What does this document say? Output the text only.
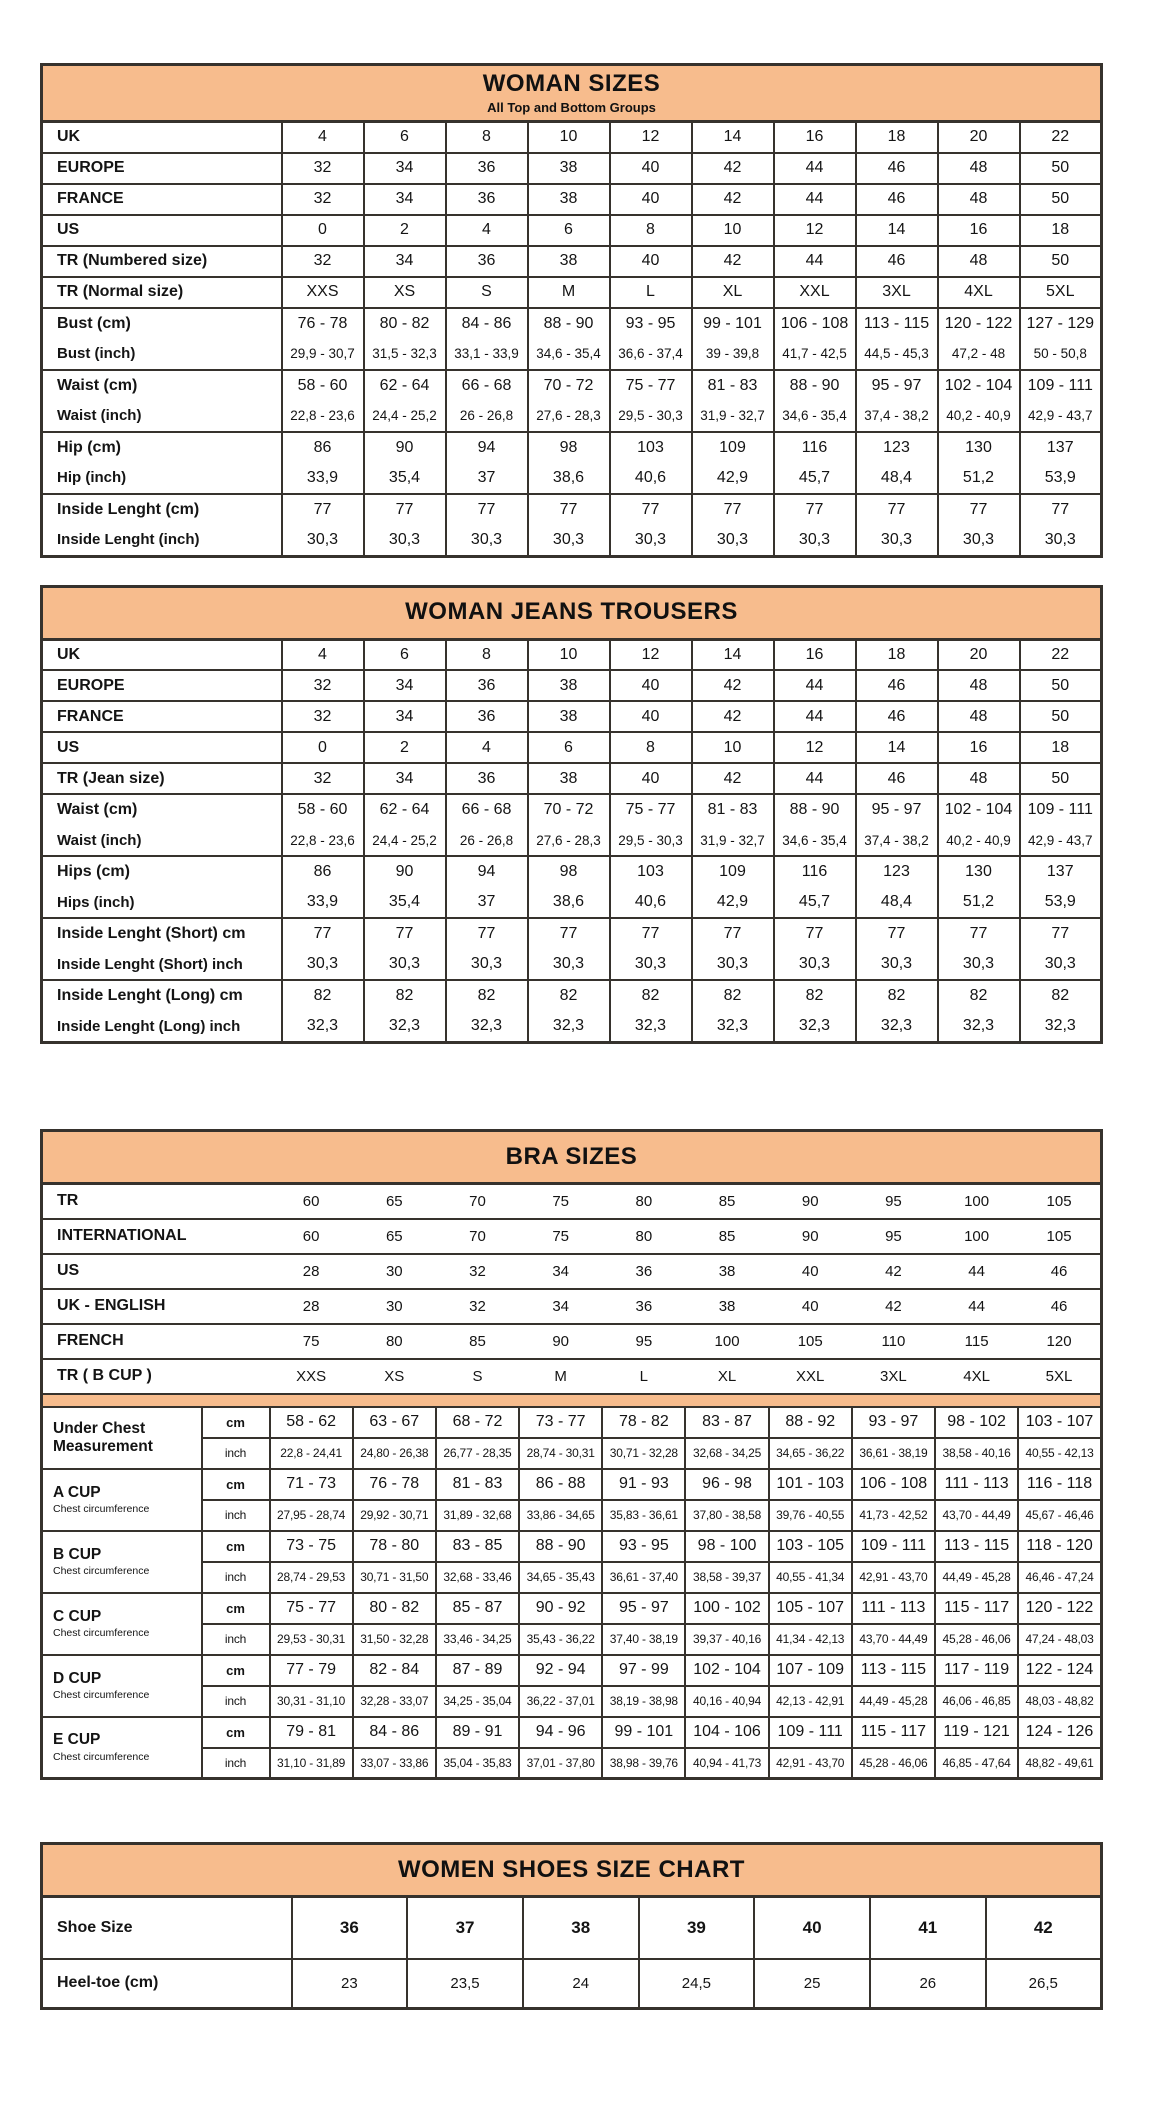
WOMAN SIZES
All Top and Bottom Groups										

UK	4	6	8	10	12	14	16	18	20	22
EUROPE	32	34	36	38	40	42	44	46	48	50
FRANCE	32	34	36	38	40	42	44	46	48	50
US	0	2	4	6	8	10	12	14	16	18
TR (Numbered size)	32	34	36	38	40	42	44	46	48	50
TR (Normal size)	XXS	XS	S	M	L	XL	XXL	3XL	4XL	5XL
Bust (cm)	76 - 78	80 - 82	84 - 86	88 - 90	93 - 95	99 - 101	106 - 108	113 - 115	120 - 122	127 - 129
Bust (inch)	29,9 - 30,7	31,5 - 32,3	33,1 - 33,9	34,6 - 35,4	36,6 - 37,4	39 - 39,8	41,7 - 42,5	44,5 - 45,3	47,2 - 48	50 - 50,8
Waist (cm)	58 - 60	62 - 64	66 - 68	70 - 72	75 - 77	81 - 83	88 - 90	95 - 97	102 - 104	109 - 111
Waist (inch)	22,8 - 23,6	24,4 - 25,2	26 - 26,8	27,6 - 28,3	29,5 - 30,3	31,9 - 32,7	34,6 - 35,4	37,4 - 38,2	40,2 - 40,9	42,9 - 43,7
Hip (cm)	86	90	94	98	103	109	116	123	130	137
Hip (inch)	33,9	35,4	37	38,6	40,6	42,9	45,7	48,4	51,2	53,9
Inside Lenght (cm)	77	77	77	77	77	77	77	77	77	77
Inside Lenght (inch)	30,3	30,3	30,3	30,3	30,3	30,3	30,3	30,3	30,3	30,3
WOMAN JEANS TROUSERS										

UK	4	6	8	10	12	14	16	18	20	22
EUROPE	32	34	36	38	40	42	44	46	48	50
FRANCE	32	34	36	38	40	42	44	46	48	50
US	0	2	4	6	8	10	12	14	16	18
TR (Jean size)	32	34	36	38	40	42	44	46	48	50
Waist (cm)	58 - 60	62 - 64	66 - 68	70 - 72	75 - 77	81 - 83	88 - 90	95 - 97	102 - 104	109 - 111
Waist (inch)	22,8 - 23,6	24,4 - 25,2	26 - 26,8	27,6 - 28,3	29,5 - 30,3	31,9 - 32,7	34,6 - 35,4	37,4 - 38,2	40,2 - 40,9	42,9 - 43,7
Hips (cm)	86	90	94	98	103	109	116	123	130	137
Hips (inch)	33,9	35,4	37	38,6	40,6	42,9	45,7	48,4	51,2	53,9
Inside Lenght (Short) cm	77	77	77	77	77	77	77	77	77	77
Inside Lenght (Short) inch	30,3	30,3	30,3	30,3	30,3	30,3	30,3	30,3	30,3	30,3
Inside Lenght (Long) cm	82	82	82	82	82	82	82	82	82	82
Inside Lenght (Long) inch	32,3	32,3	32,3	32,3	32,3	32,3	32,3	32,3	32,3	32,3
BRA SIZES											

TR		60	65	70	75	80	85	90	95	100	105
INTERNATIONAL		60	65	70	75	80	85	90	95	100	105
US		28	30	32	34	36	38	40	42	44	46
UK - ENGLISH		28	30	32	34	36	38	40	42	44	46
FRENCH		75	80	85	90	95	100	105	110	115	120
TR ( B CUP )		XXS	XS	S	M	L	XL	XXL	3XL	4XL	5XL

Under Chest Measurement	cm	58 - 62	63 - 67	68 - 72	73 - 77	78 - 82	83 - 87	88 - 92	93 - 97	98 - 102	103 - 107
	inch	22,8 - 24,41	24,80 - 26,38	26,77 - 28,35	28,74 - 30,31	30,71 - 32,28	32,68 - 34,25	34,65 - 36,22	36,61 - 38,19	38,58 - 40,16	40,55 - 42,13
A CUP
Chest circumference	cm	71 - 73	76 - 78	81 - 83	86 - 88	91 - 93	96 - 98	101 - 103	106 - 108	111 - 113	116 - 118
	inch	27,95 - 28,74	29,92 - 30,71	31,89 - 32,68	33,86 - 34,65	35,83 - 36,61	37,80 - 38,58	39,76 - 40,55	41,73 - 42,52	43,70 - 44,49	45,67 - 46,46
B CUP
Chest circumference	cm	73 - 75	78 - 80	83 - 85	88 - 90	93 - 95	98 - 100	103 - 105	109 - 111	113 - 115	118 - 120
	inch	28,74 - 29,53	30,71 - 31,50	32,68 - 33,46	34,65 - 35,43	36,61 - 37,40	38,58 - 39,37	40,55 - 41,34	42,91 - 43,70	44,49 - 45,28	46,46 - 47,24
C CUP
Chest circumference	cm	75 - 77	80 - 82	85 - 87	90 - 92	95 - 97	100 - 102	105 - 107	111 - 113	115 - 117	120 - 122
	inch	29,53 - 30,31	31,50 - 32,28	33,46 - 34,25	35,43 - 36,22	37,40 - 38,19	39,37 - 40,16	41,34 - 42,13	43,70 - 44,49	45,28 - 46,06	47,24 - 48,03
D CUP
Chest circumference	cm	77 - 79	82 - 84	87 - 89	92 - 94	97 - 99	102 - 104	107 - 109	113 - 115	117 - 119	122 - 124
	inch	30,31 - 31,10	32,28 - 33,07	34,25 - 35,04	36,22 - 37,01	38,19 - 38,98	40,16 - 40,94	42,13 - 42,91	44,49 - 45,28	46,06 - 46,85	48,03 - 48,82
E CUP
Chest circumference	cm	79 - 81	84 - 86	89 - 91	94 - 96	99 - 101	104 - 106	109 - 111	115 - 117	119 - 121	124 - 126
	inch	31,10 - 31,89	33,07 - 33,86	35,04 - 35,83	37,01 - 37,80	38,98 - 39,76	40,94 - 41,73	42,91 - 43,70	45,28 - 46,06	46,85 - 47,64	48,82 - 49,61
WOMEN SHOES SIZE CHART							

Shoe Size	36	37	38	39	40	41	42
Heel-toe (cm)	23	23,5	24	24,5	25	26	26,5
